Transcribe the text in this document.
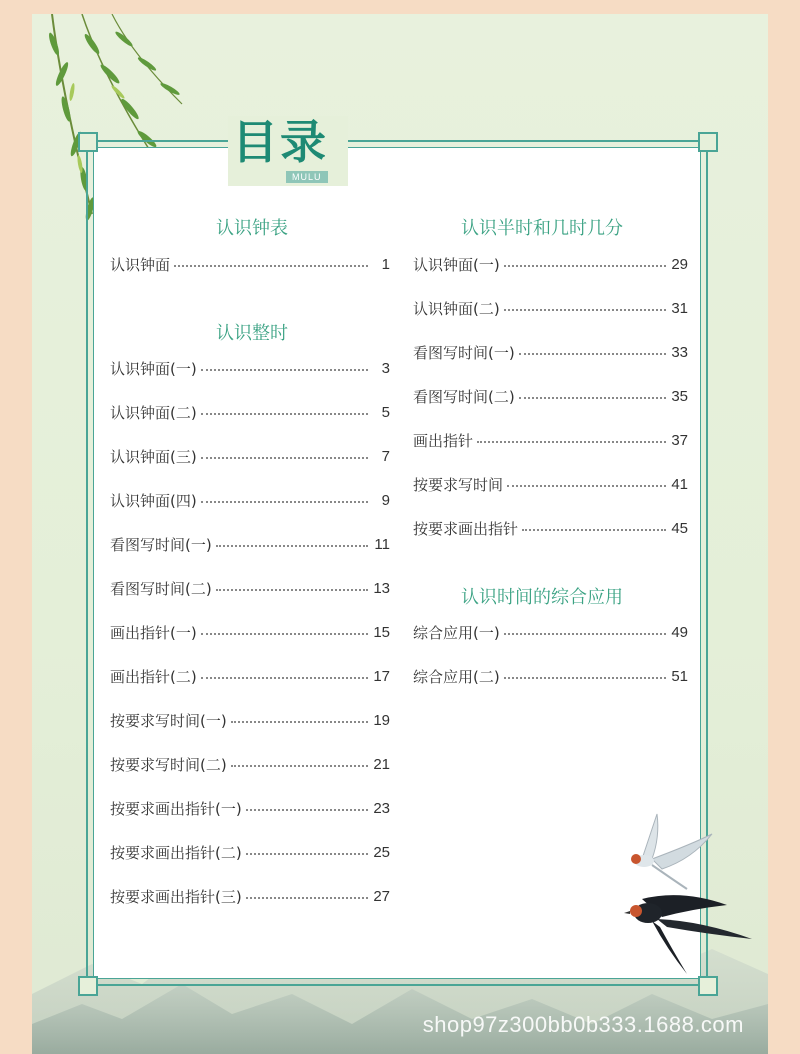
目录
MULU
认识钟表
认识钟面	1
认识整时
认识钟面(一)	3
认识钟面(二)	5
认识钟面(三)	7
认识钟面(四)	9
看图写时间(一)	11
看图写时间(二)	13
画出指针(一)	15
画出指针(二)	17
按要求写时间(一)	19
按要求写时间(二)	21
按要求画出指针(一)	23
按要求画出指针(二)	25
按要求画出指针(三)	27
认识半时和几时几分
认识钟面(一)	29
认识钟面(二)	31
看图写时间(一)	33
看图写时间(二)	35
画出指针	37
按要求写时间	41
按要求画出指针	45
认识时间的综合应用
综合应用(一)	49
综合应用(二)	51
shop97z300bb0b333.1688.com
